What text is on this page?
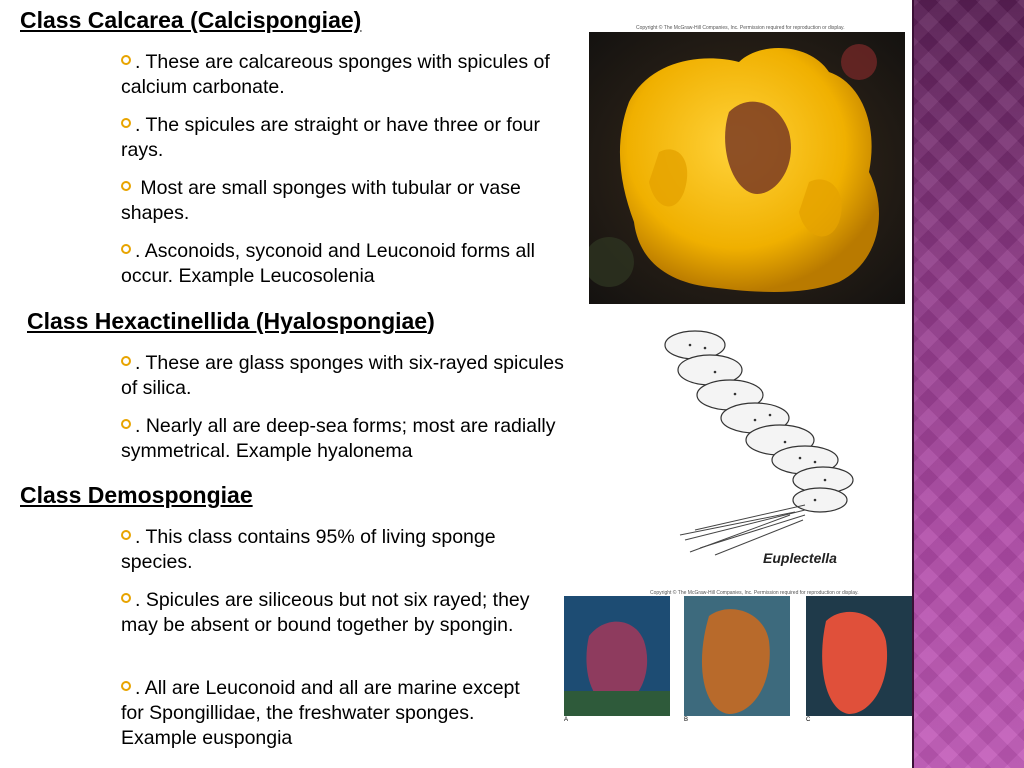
Class Calcarea (Calcispongiae)
. These are calcareous sponges with spicules of calcium carbonate.
. The spicules are straight or have three or four rays.
Most are small sponges with tubular or vase shapes.
. Asconoids, syconoid and Leuconoid forms all occur. Example Leucosolenia
Class Hexactinellida (Hyalospongiae)
. These are glass sponges with six-rayed spicules of silica.
. Nearly all are deep-sea forms; most are radially symmetrical. Example hyalonema
Class Demospongiae
. This class contains 95% of living sponge species.
. Spicules are siliceous but not six rayed; they may be absent or bound together by spongin.
. All are Leuconoid and all are marine except for Spongillidae, the freshwater sponges. Example euspongia
Copyright © The McGraw-Hill Companies, Inc. Permission required for reproduction or display.
Euplectella
Copyright © The McGraw-Hill Companies, Inc. Permission required for reproduction or display.
A	B	C
